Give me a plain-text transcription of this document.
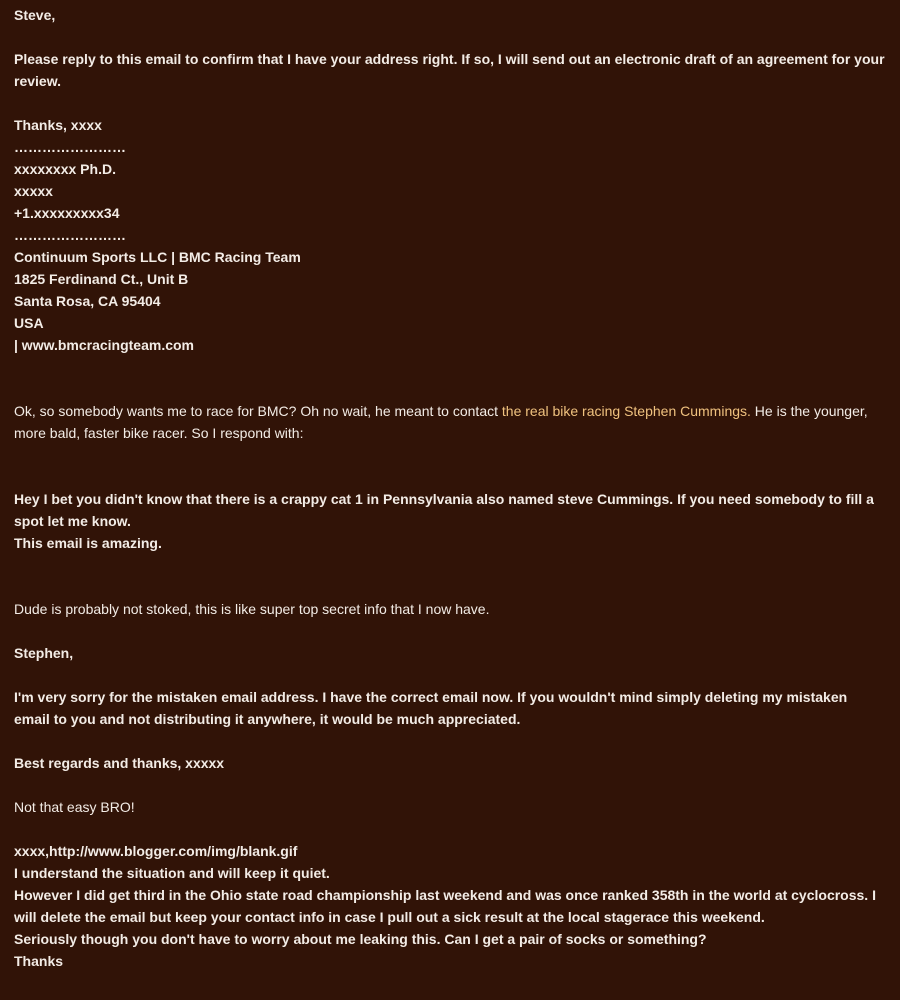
Steve,
Please reply to this email to confirm that I have your address right. If so, I will send out an electronic draft of an agreement for your review.
Thanks, xxxx
……………………
xxxxxxxx Ph.D.
xxxxx
+1.xxxxxxxxx34
……………………
Continuum Sports LLC | BMC Racing Team
1825 Ferdinand Ct., Unit B
Santa Rosa, CA 95404
USA
| www.bmcracingteam.com
Ok, so somebody wants me to race for BMC? Oh no wait, he meant to contact the real bike racing Stephen Cummings. He is the younger, more bald, faster bike racer. So I respond with:
Hey I bet you didn't know that there is a crappy cat 1 in Pennsylvania also named steve Cummings. If you need somebody to fill a spot let me know.
This email is amazing.
Dude is probably not stoked, this is like super top secret info that I now have.
Stephen,
I'm very sorry for the mistaken email address. I have the correct email now. If you wouldn't mind simply deleting my mistaken email to you and not distributing it anywhere, it would be much appreciated.
Best regards and thanks, xxxxx
Not that easy BRO!
xxxx,http://www.blogger.com/img/blank.gif
I understand the situation and will keep it quiet.
However I did get third in the Ohio state road championship last weekend and was once ranked 358th in the world at cyclocross. I will delete the email but keep your contact info in case I pull out a sick result at the local stagerace this weekend.
Seriously though you don't have to worry about me leaking this. Can I get a pair of socks or something?
Thanks
